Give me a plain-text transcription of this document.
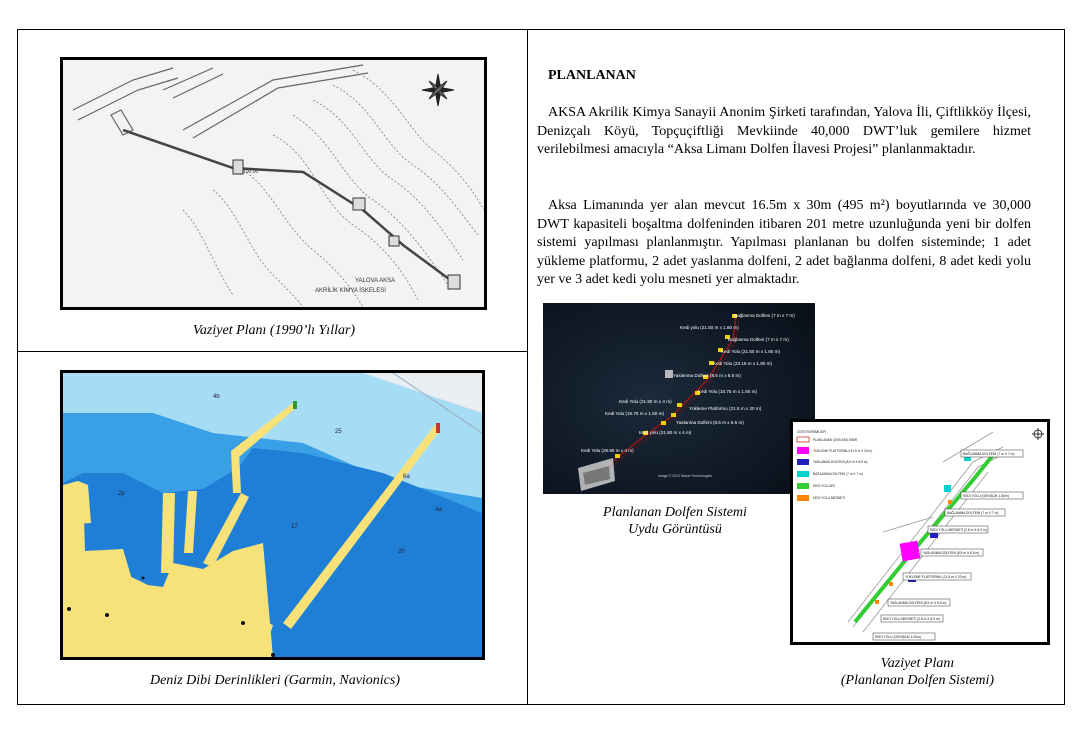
100.00
YALOVA AKSA
AKRİLİK KİMYA İSKELESİ
Vaziyet Planı (1990’lı Yıllar)
4b
25
2p
17
20
6a
4a
Deniz Dibi Derinlikleri (Garmin, Navionics)
PLANLANAN
AKSA Akrilik Kimya Sanayii Anonim Şirketi tarafından, Yalova İli, Çiftlikköy İlçesi, Denizçalı Köyü, Topçuçiftliği Mevkiinde 40,000 DWT’luk gemilere hizmet verilebilmesi amacıyla “Aksa Limanı Dolfen İlavesi Projesi” planlanmaktadır.
Aksa Limanında yer alan mevcut 16.5m x 30m (495 m²) boyutlarında ve 30,000 DWT kapasiteli boşaltma dolfeninden itibaren 201 metre uzunluğunda yeni bir dolfen sistemi yapılması planlanmıştır. Yapılması planlanan bu dolfen sisteminde; 1 adet yükleme platformu, 2 adet yaslanma dolfeni, 2 adet bağlanma dolfeni, 8 adet kedi yolu yer ve 3 adet kedi yolu mesneti yer almaktadır.
Bağlanma Dolfeni (7 m x 7 m)
Kedi yolu (21.50 m x 1.80 m)
Bağlanma Dolfeni (7 m x 7 m)
Kedi Yolu (21.50 m x 1.80 m)
Kedi Yolu (23.19 m x 1.80 m)
Yaslanma Dolfeni (8.5 m x 8.5 m)
Kedi Yolu (15.75 m x 1.80 m)
Kedi Yolu (21.80 m x 4 m)
Yükleme Platformu (21.5 m x 20 m)
Kedi Yolu (15.75 m x 1.80 m)
Yaslanma Dolfeni (8.5 m x 8.5 m)
Kedi yolu (21.80 m x 4 m)
Kedi Yolu (26.90 m x 4 m)
Image © 2022 Maxar Technologies
Planlanan Dolfen Sistemi
Uydu Görüntüsü
GÖSTERİMLER
PLANLANAN ÇEKİLMİŞ SINIR
YÜKLEME PLATFORMU (21.5 m X 20 m)
YASLANMA DOLFENİ (8.5 m X 8.5 m)
BAĞLANMA DOLFENİ (7 m X 7 m)
KEDİ YOLLARI
KEDİ YOLU MESNETİ
BAĞLANMA DOLFENİ (7 m X 7 m)
KEDİ YOLU (GENİŞLİK 1.80m)
BAĞLANMA DOLFENİ (7 m X 7 m)
KEDİ YOLU MESNETİ (2.8 m X 6.0 m)
YASLANMA DOLFENİ (8.5 m X 8.5 m)
YÜKLEME PLATFORMU (21.5 m X 20 m)
YASLANMA DOLFENİ (8.5 m X 8.5 m)
KEDİ YOLU MESNETİ (2.8 m X 6.0 m)
KEDİ YOLU (GENİŞLİK 4.00m)
Vaziyet Planı
(Planlanan Dolfen Sistemi)
